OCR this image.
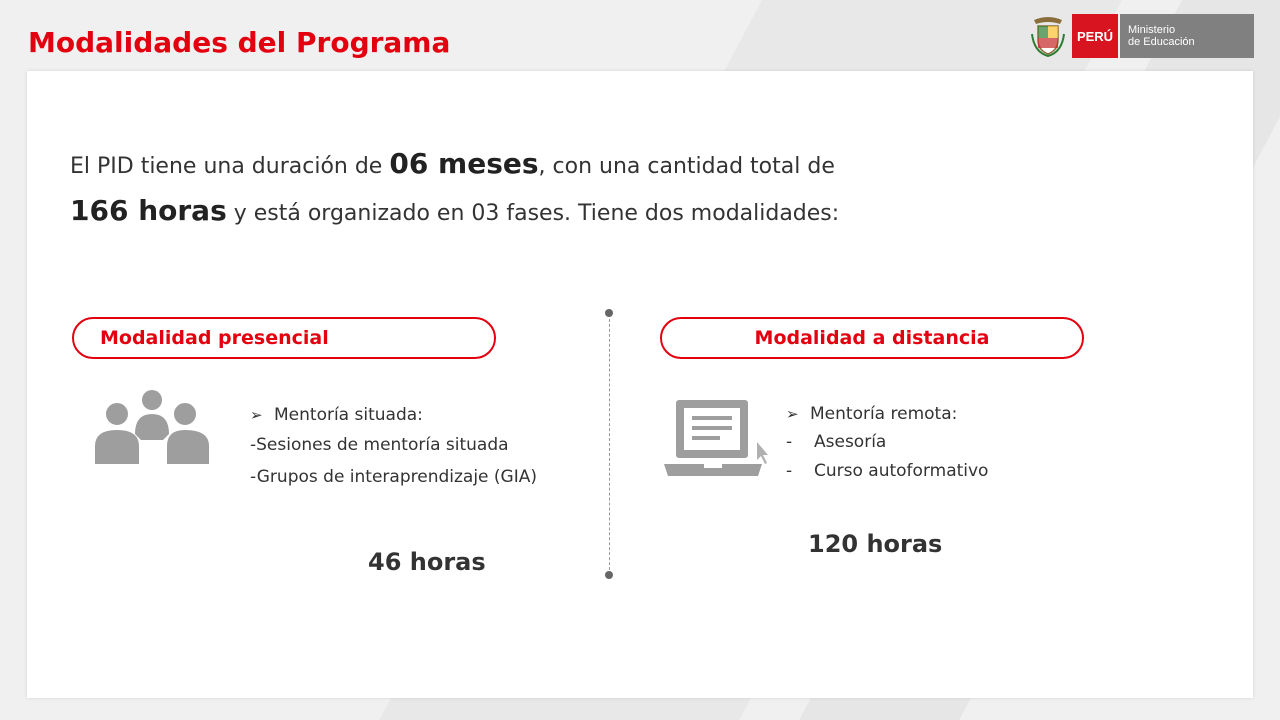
Modalidades del Programa	PERÚ	Ministerio
de Educación
El PID tiene una duración de 06 meses, con una cantidad total de
166 horas y está organizado en 03 fases. Tiene dos modalidades:
Modalidad presencial	Modalidad a distancia
➢ Mentoría situada:
-Sesiones de mentoría situada
-Grupos de interaprendizaje (GIA)
➢ Mentoría remota:
-	Asesoría
-	Curso autoformativo
46 horas
120 horas
